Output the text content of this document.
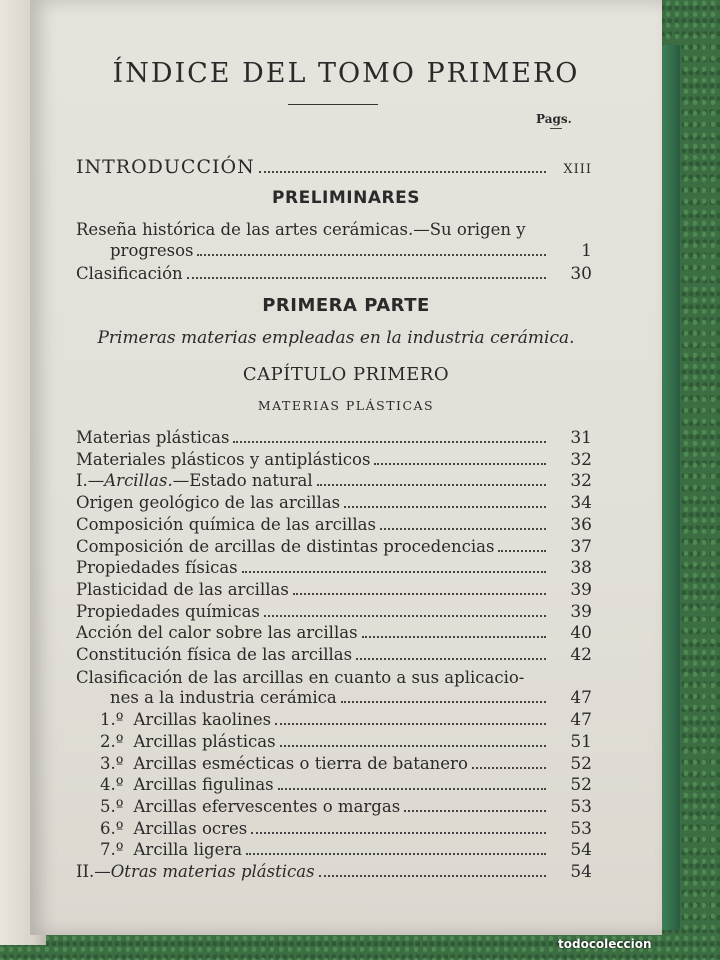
ÍNDICE DEL TOMO PRIMERO
Pags.
INTRODUCCIÓN	XIII
PRELIMINARES
Reseña histórica de las artes cerámicas.—Su origen y
progresos	1
Clasificación	30
PRIMERA PARTE
Primeras materias empleadas en la industria cerámica.
CAPÍTULO PRIMERO
MATERIAS PLÁSTICAS
Materias plásticas	31
Materiales plásticos y antiplásticos	32
I.—Arcillas.—Estado natural	32
Origen geológico de las arcillas	34
Composición química de las arcillas	36
Composición de arcillas de distintas procedencias	37
Propiedades físicas	38
Plasticidad de las arcillas	39
Propiedades químicas	39
Acción del calor sobre las arcillas	40
Constitución física de las arcillas	42
Clasificación de las arcillas en cuanto a sus aplicacio-
nes a la industria cerámica	47
1.º Arcillas kaolines	47
2.º Arcillas plásticas	51
3.º Arcillas esmécticas o tierra de batanero	52
4.º Arcillas figulinas	52
5.º Arcillas efervescentes o margas	53
6.º Arcillas ocres	53
7.º Arcilla ligera	54
II.—Otras materias plásticas	54
todocoleccion
